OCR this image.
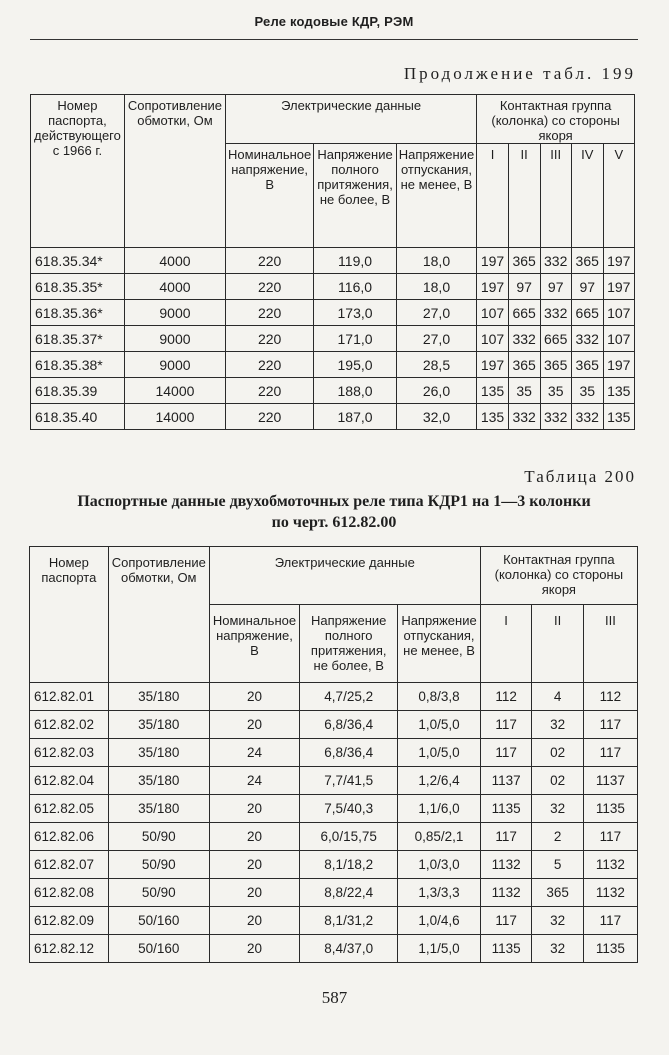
Реле кодовые КДР, РЭМ
Продолжение табл. 199
Номер паспорта, действующего с 1966 г.	Сопротивление обмотки, Ом	Электрические данные			Контактная группа (колонка) со стороны якоря				
		Номинальное напряжение, В	Напряжение полного притяжения, не более, В	Напряжение отпускания, не менее, В	I	II	III	IV	V
618.35.34*	4000	220	119,0	18,0	197	365	332	365	197
618.35.35*	4000	220	116,0	18,0	197	97	97	97	197
618.35.36*	9000	220	173,0	27,0	107	665	332	665	107
618.35.37*	9000	220	171,0	27,0	107	332	665	332	107
618.35.38*	9000	220	195,0	28,5	197	365	365	365	197
618.35.39	14000	220	188,0	26,0	135	35	35	35	135
618.35.40	14000	220	187,0	32,0	135	332	332	332	135
Таблица 200
Паспортные данные двухобмоточных реле типа КДР1 на 1—3 колонки
по черт. 612.82.00
Номер паспорта	Сопротивление обмотки, Ом	Электрические данные			Контактная группа (колонка) со стороны якоря		
		Номинальное напряжение, В	Напряжение полного притяжения, не более, В	Напряжение отпускания, не менее, В	I	II	III
612.82.01	35/180	20	4,7/25,2	0,8/3,8	112	4	112
612.82.02	35/180	20	6,8/36,4	1,0/5,0	117	32	117
612.82.03	35/180	24	6,8/36,4	1,0/5,0	117	02	117
612.82.04	35/180	24	7,7/41,5	1,2/6,4	1137	02	1137
612.82.05	35/180	20	7,5/40,3	1,1/6,0	1135	32	1135
612.82.06	50/90	20	6,0/15,75	0,85/2,1	117	2	117
612.82.07	50/90	20	8,1/18,2	1,0/3,0	1132	5	1132
612.82.08	50/90	20	8,8/22,4	1,3/3,3	1132	365	1132
612.82.09	50/160	20	8,1/31,2	1,0/4,6	117	32	117
612.82.12	50/160	20	8,4/37,0	1,1/5,0	1135	32	1135
587
